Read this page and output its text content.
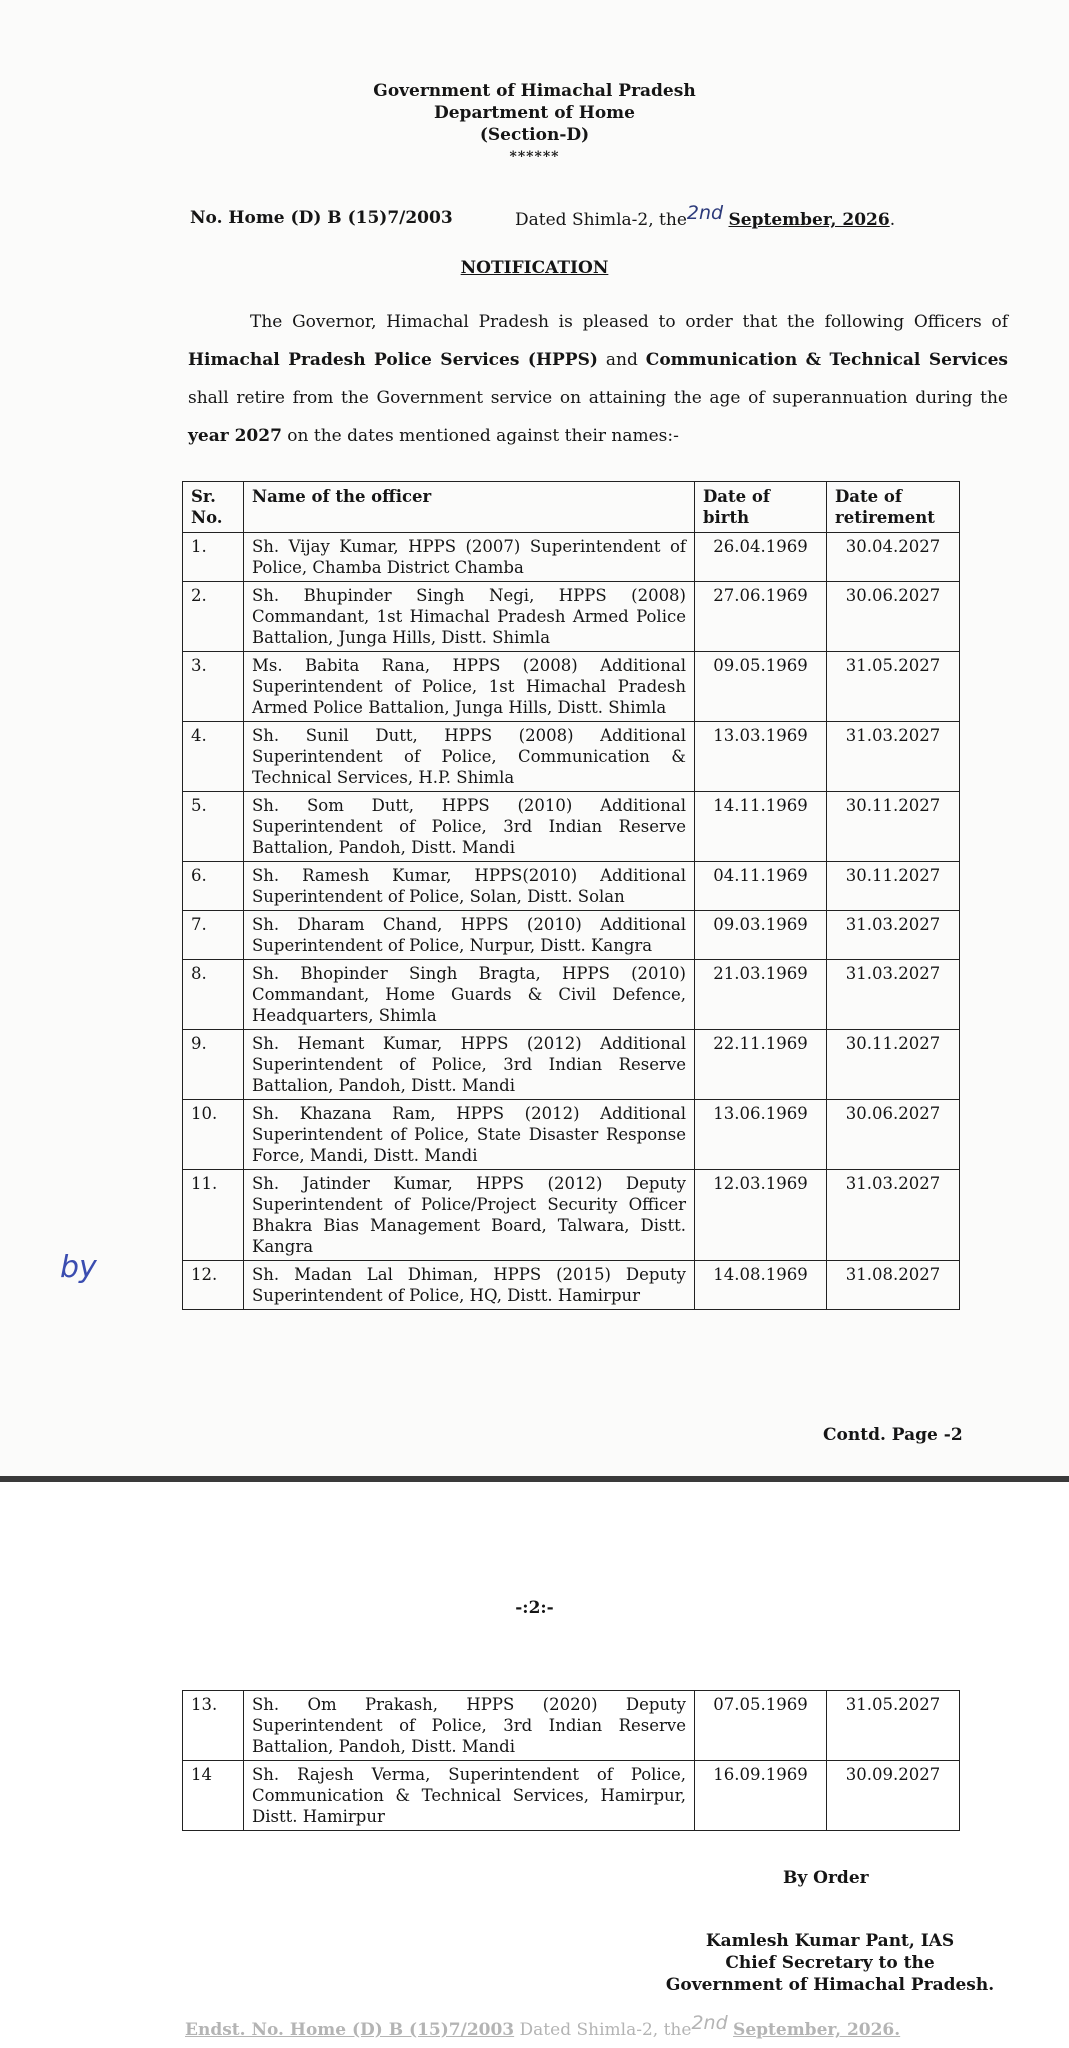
Government of Himachal Pradesh
Department of Home
(Section-D)
******
No. Home (D) B (15)7/2003	Dated Shimla-2, the2nd September, 2026.
NOTIFICATION
The Governor, Himachal Pradesh is pleased to order that the following Officers of Himachal Pradesh Police Services (HPPS) and Communication & Technical Services shall retire from the Government service on attaining the age of superannuation during the year 2027 on the dates mentioned against their names:-
Sr. No.	Name of the officer	Date of birth	Date of retirement
1.	Sh. Vijay Kumar, HPPS (2007) Superintendent of Police, Chamba District Chamba	26.04.1969	30.04.2027
2.	Sh. Bhupinder Singh Negi, HPPS (2008) Commandant, 1st Himachal Pradesh Armed Police Battalion, Junga Hills, Distt. Shimla	27.06.1969	30.06.2027
3.	Ms. Babita Rana, HPPS (2008) Additional Superintendent of Police, 1st Himachal Pradesh Armed Police Battalion, Junga Hills, Distt. Shimla	09.05.1969	31.05.2027
4.	Sh. Sunil Dutt, HPPS (2008) Additional Superintendent of Police, Communication & Technical Services, H.P. Shimla	13.03.1969	31.03.2027
5.	Sh. Som Dutt, HPPS (2010) Additional Superintendent of Police, 3rd Indian Reserve Battalion, Pandoh, Distt. Mandi	14.11.1969	30.11.2027
6.	Sh. Ramesh Kumar, HPPS(2010) Additional Superintendent of Police, Solan, Distt. Solan	04.11.1969	30.11.2027
7.	Sh. Dharam Chand, HPPS (2010) Additional Superintendent of Police, Nurpur, Distt. Kangra	09.03.1969	31.03.2027
8.	Sh. Bhopinder Singh Bragta, HPPS (2010) Commandant, Home Guards & Civil Defence, Headquarters, Shimla	21.03.1969	31.03.2027
9.	Sh. Hemant Kumar, HPPS (2012) Additional Superintendent of Police, 3rd Indian Reserve Battalion, Pandoh, Distt. Mandi	22.11.1969	30.11.2027
10.	Sh. Khazana Ram, HPPS (2012) Additional Superintendent of Police, State Disaster Response Force, Mandi, Distt. Mandi	13.06.1969	30.06.2027
11.	Sh. Jatinder Kumar, HPPS (2012) Deputy Superintendent of Police/Project Security Officer Bhakra Bias Management Board, Talwara, Distt. Kangra	12.03.1969	31.03.2027
12.	Sh. Madan Lal Dhiman, HPPS (2015) Deputy Superintendent of Police, HQ, Distt. Hamirpur	14.08.1969	31.08.2027
by
Contd. Page -2
-:2:-
13.	Sh. Om Prakash, HPPS (2020) Deputy Superintendent of Police, 3rd Indian Reserve Battalion, Pandoh, Distt. Mandi	07.05.1969	31.05.2027
14	Sh. Rajesh Verma, Superintendent of Police, Communication & Technical Services, Hamirpur, Distt. Hamirpur	16.09.1969	30.09.2027
By Order
Kamlesh Kumar Pant, IAS
Chief Secretary to the
Government of Himachal Pradesh.
Endst. No. Home (D) B (15)7/2003 Dated Shimla-2, the2nd September, 2026.
